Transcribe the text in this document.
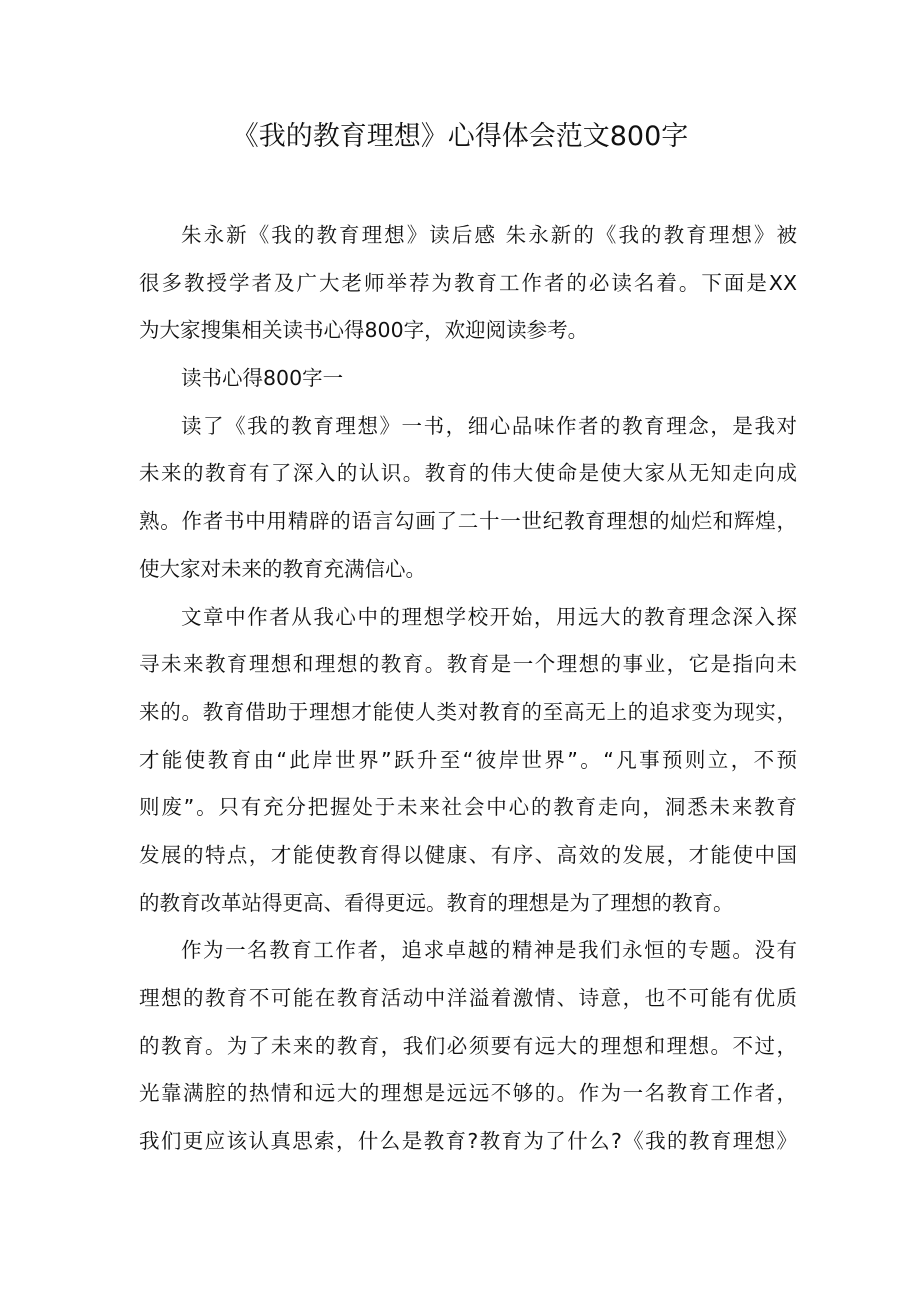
《我的教育理想》心得体会范文800字
朱永新《我的教育理想》读后感 朱永新的《我的教育理想》被
很多教授学者及广大老师举荐为教育工作者的必读名着。下面是XX
为大家搜集相关读书心得800字，欢迎阅读参考。
读书心得800字一
读了《我的教育理想》一书，细心品味作者的教育理念，是我对
未来的教育有了深入的认识。教育的伟大使命是使大家从无知走向成
熟。作者书中用精辟的语言勾画了二十一世纪教育理想的灿烂和辉煌，
使大家对未来的教育充满信心。
文章中作者从我心中的理想学校开始，用远大的教育理念深入探
寻未来教育理想和理想的教育。教育是一个理想的事业，它是指向未
来的。教育借助于理想才能使人类对教育的至高无上的追求变为现实，
才能使教育由“此岸世界”跃升至“彼岸世界”。“凡事预则立，不预
则废”。只有充分把握处于未来社会中心的教育走向，洞悉未来教育
发展的特点，才能使教育得以健康、有序、高效的发展，才能使中国
的教育改革站得更高、看得更远。教育的理想是为了理想的教育。
作为一名教育工作者，追求卓越的精神是我们永恒的专题。没有
理想的教育不可能在教育活动中洋溢着激情、诗意，也不可能有优质
的教育。为了未来的教育，我们必须要有远大的理想和理想。不过，
光靠满腔的热情和远大的理想是远远不够的。作为一名教育工作者，
我们更应该认真思索，什么是教育?教育为了什么?《我的教育理想》
